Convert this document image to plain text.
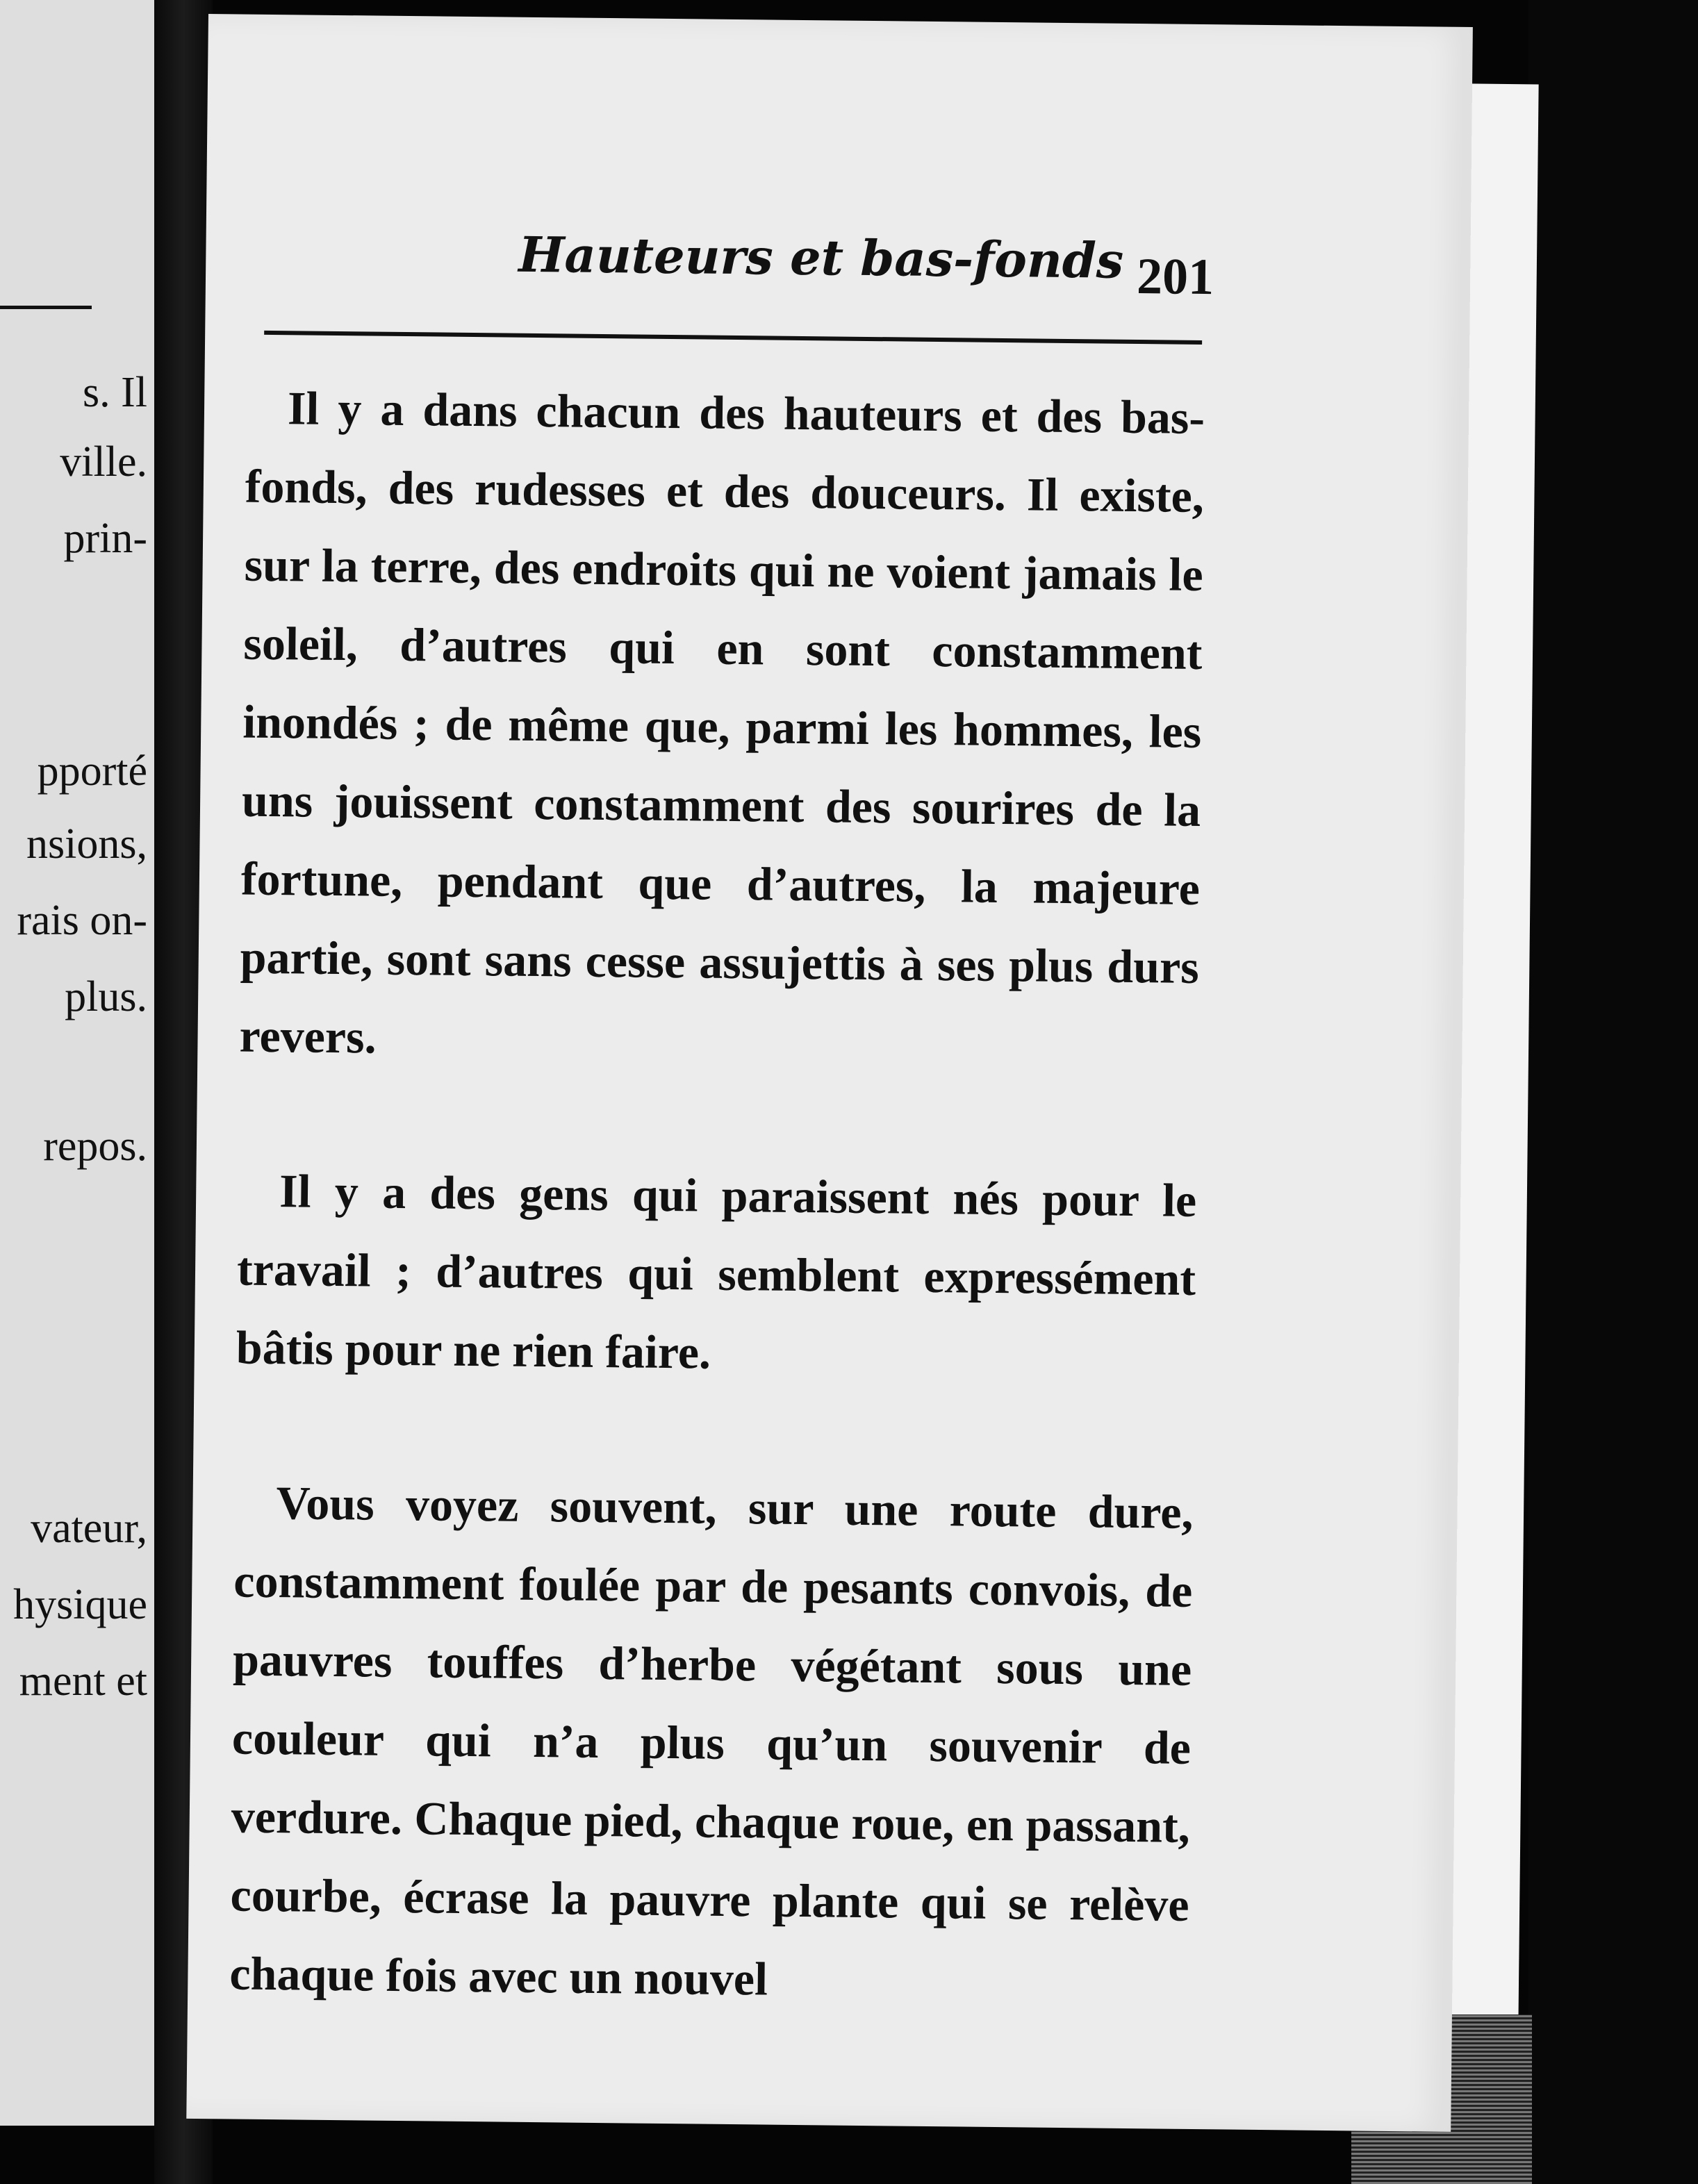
s. Il
ville.
prin-
pporté
nsions,
rais on-
plus.
repos.
vateur,
hysique
ment et
Hauteurs et bas-fonds 201

Il y a dans chacun des hauteurs et des bas-fonds, des rudesses et des douceurs. Il existe, sur la terre, des endroits qui ne voient jamais le soleil, d’autres qui en sont constamment inondés ; de même que, parmi les hommes, les uns jouissent constamment des sourires de la fortune, pendant que d’autres, la majeure partie, sont sans cesse assujettis à ses plus durs revers.

Il y a des gens qui paraissent nés pour le travail ; d’autres qui semblent expressément bâtis pour ne rien faire.

Vous voyez souvent, sur une route dure, constamment foulée par de pesants convois, de pauvres touffes d’herbe végétant sous une couleur qui n’a plus qu’un souvenir de verdure. Chaque pied, chaque roue, en passant, courbe, écrase la pauvre plante qui se relève chaque fois avec un nouvel
